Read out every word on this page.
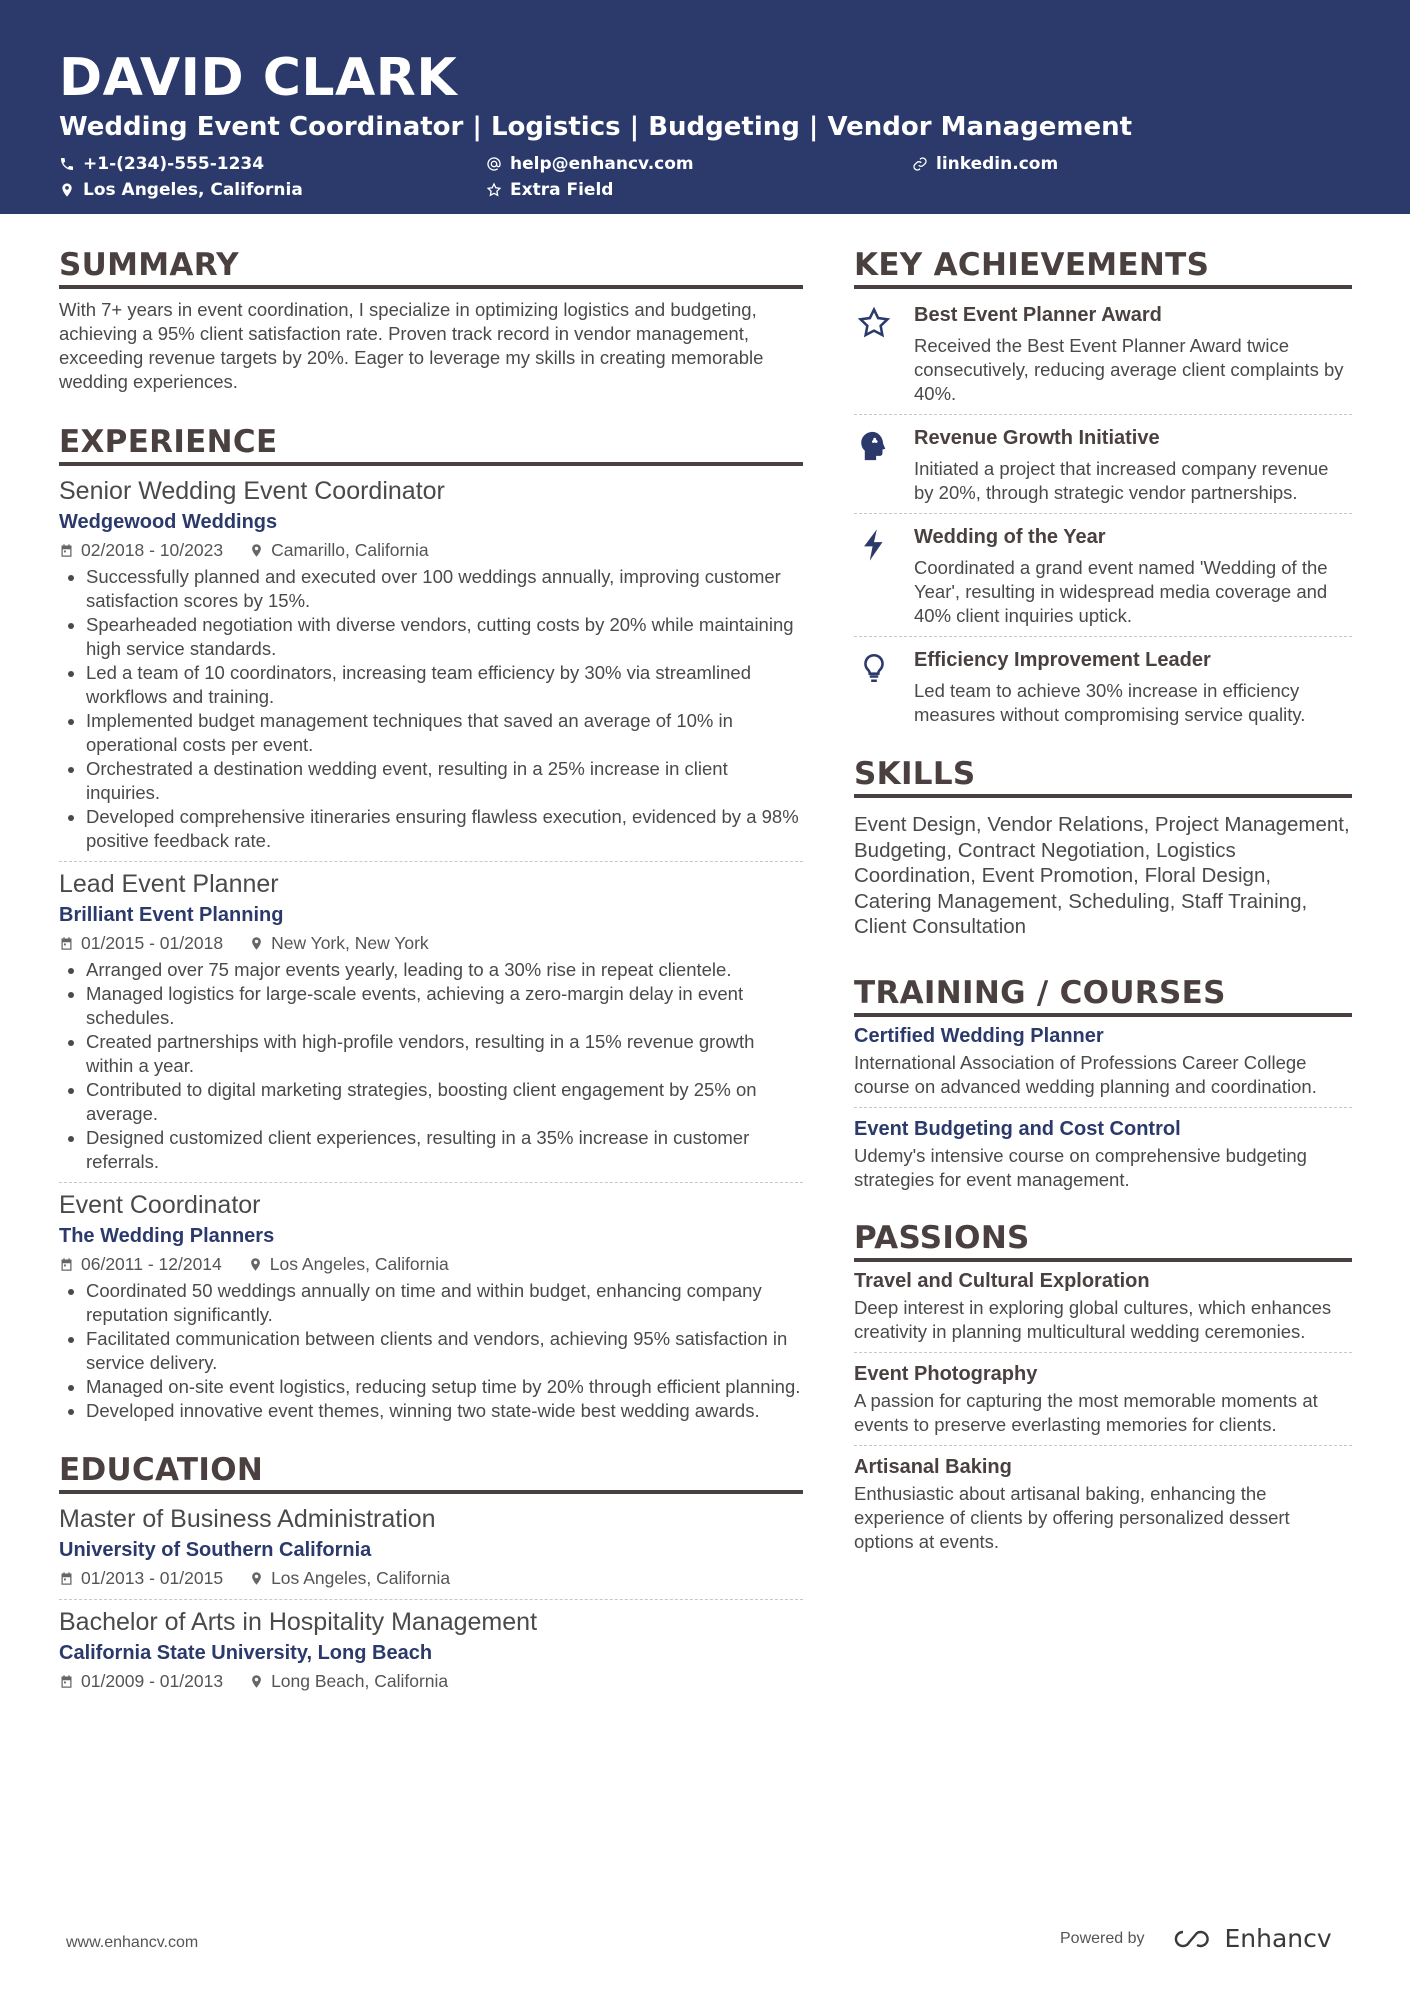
DAVID CLARK
Wedding Event Coordinator | Logistics | Budgeting | Vendor Management
+1-(234)-555-1234	help@enhancv.com	linkedin.com
Los Angeles, California	Extra Field
SUMMARY
With 7+ years in event coordination, I specialize in optimizing logistics and budgeting, achieving a 95% client satisfaction rate. Proven track record in vendor management, exceeding revenue targets by 20%. Eager to leverage my skills in creating memorable wedding experiences.
EXPERIENCE
Senior Wedding Event Coordinator
Wedgewood Weddings
02/2018 - 10/2023	Camarillo, California
Successfully planned and executed over 100 weddings annually, improving customer satisfaction scores by 15%.
Spearheaded negotiation with diverse vendors, cutting costs by 20% while maintaining high service standards.
Led a team of 10 coordinators, increasing team efficiency by 30% via streamlined workflows and training.
Implemented budget management techniques that saved an average of 10% in operational costs per event.
Orchestrated a destination wedding event, resulting in a 25% increase in client inquiries.
Developed comprehensive itineraries ensuring flawless execution, evidenced by a 98% positive feedback rate.
Lead Event Planner
Brilliant Event Planning
01/2015 - 01/2018	New York, New York
Arranged over 75 major events yearly, leading to a 30% rise in repeat clientele.
Managed logistics for large-scale events, achieving a zero-margin delay in event schedules.
Created partnerships with high-profile vendors, resulting in a 15% revenue growth within a year.
Contributed to digital marketing strategies, boosting client engagement by 25% on average.
Designed customized client experiences, resulting in a 35% increase in customer referrals.
Event Coordinator
The Wedding Planners
06/2011 - 12/2014	Los Angeles, California
Coordinated 50 weddings annually on time and within budget, enhancing company reputation significantly.
Facilitated communication between clients and vendors, achieving 95% satisfaction in service delivery.
Managed on-site event logistics, reducing setup time by 20% through efficient planning.
Developed innovative event themes, winning two state-wide best wedding awards.
EDUCATION
Master of Business Administration
University of Southern California
01/2013 - 01/2015	Los Angeles, California
Bachelor of Arts in Hospitality Management
California State University, Long Beach
01/2009 - 01/2013	Long Beach, California
KEY ACHIEVEMENTS
Best Event Planner Award
Received the Best Event Planner Award twice consecutively, reducing average client complaints by 40%.
Revenue Growth Initiative
Initiated a project that increased company revenue by 20%, through strategic vendor partnerships.
Wedding of the Year
Coordinated a grand event named 'Wedding of the Year', resulting in widespread media coverage and 40% client inquiries uptick.
Efficiency Improvement Leader
Led team to achieve 30% increase in efficiency measures without compromising service quality.
SKILLS
Event Design, Vendor Relations, Project Management, Budgeting, Contract Negotiation, Logistics Coordination, Event Promotion, Floral Design, Catering Management, Scheduling, Staff Training, Client Consultation
TRAINING / COURSES
Certified Wedding Planner
International Association of Professions Career College course on advanced wedding planning and coordination.
Event Budgeting and Cost Control
Udemy's intensive course on comprehensive budgeting strategies for event management.
PASSIONS
Travel and Cultural Exploration
Deep interest in exploring global cultures, which enhances creativity in planning multicultural wedding ceremonies.
Event Photography
A passion for capturing the most memorable moments at events to preserve everlasting memories for clients.
Artisanal Baking
Enthusiastic about artisanal baking, enhancing the experience of clients by offering personalized dessert options at events.
www.enhancv.com	Powered by	Enhancv
